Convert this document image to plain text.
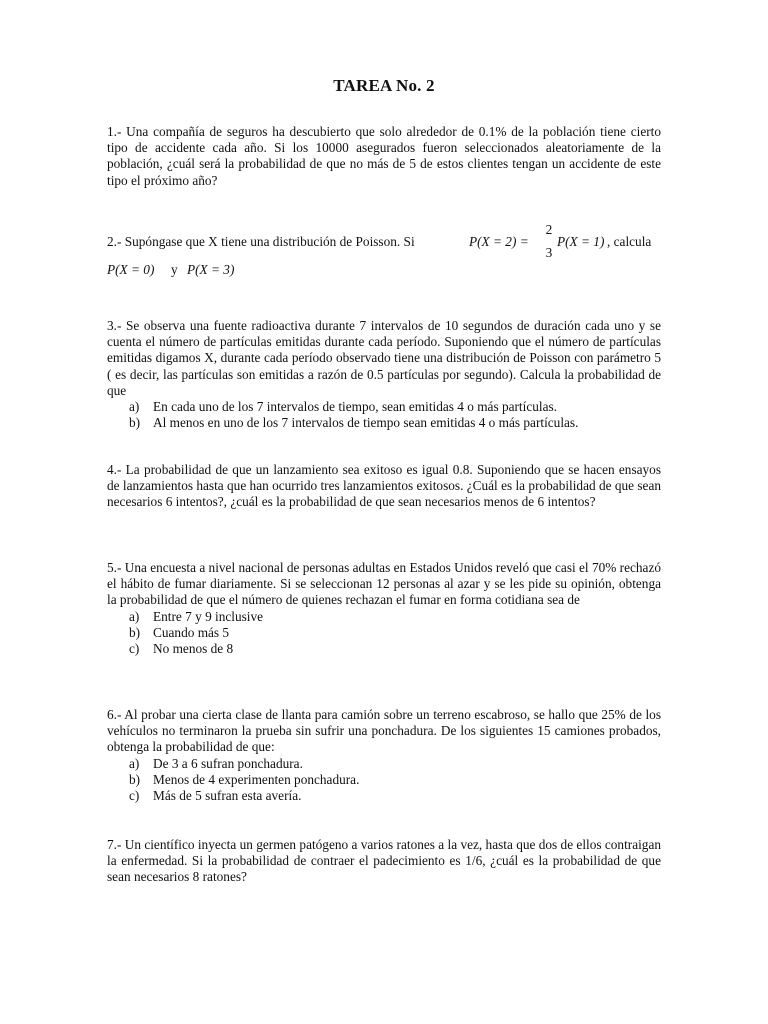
TAREA No. 2

1.- Una compañía de seguros ha descubierto que solo alrededor de 0.1% de la población tiene cierto tipo de accidente cada año. Si los 10000 asegurados fueron seleccionados aleatoriamente de la población, ¿cuál será la probabilidad de que no más de 5 de estos clientes tengan un accidente de este tipo el próximo año?

2.- Supóngase que X tiene una distribución de Poisson. Si	P(X = 2) =
2
3
P(X = 1) , calcula
P(X = 0) y P(X = 3)

3.- Se observa una fuente radioactiva durante 7 intervalos de 10 segundos de duración cada uno y se cuenta el número de partículas emitidas durante cada período. Suponiendo que el número de partículas emitidas digamos X, durante cada período observado tiene una distribución de Poisson con parámetro 5 ( es decir, las partículas son emitidas a razón de 0.5 partículas por segundo). Calcula la probabilidad de que

a) En cada uno de los 7 intervalos de tiempo, sean emitidas 4 o más partículas.
b) Al menos en uno de los 7 intervalos de tiempo sean emitidas 4 o más partículas.

4.- La probabilidad de que un lanzamiento sea exitoso es igual 0.8. Suponiendo que se hacen ensayos de lanzamientos hasta que han ocurrido tres lanzamientos exitosos. ¿Cuál es la probabilidad de que sean necesarios 6 intentos?, ¿cuál es la probabilidad de que sean necesarios menos de 6 intentos?

5.- Una encuesta a nivel nacional de personas adultas en Estados Unidos reveló que casi el 70% rechazó el hábito de fumar diariamente. Si se seleccionan 12 personas al azar y se les pide su opinión, obtenga la probabilidad de que el número de quienes rechazan el fumar en forma cotidiana sea de

a) Entre 7 y 9 inclusive
b) Cuando más 5
c) No menos de 8

6.- Al probar una cierta clase de llanta para camión sobre un terreno escabroso, se hallo que 25% de los vehículos no terminaron la prueba sin sufrir una ponchadura. De los siguientes 15 camiones probados, obtenga la probabilidad de que:

a) De 3 a 6 sufran ponchadura.
b) Menos de 4 experimenten ponchadura.
c) Más de 5 sufran esta avería.

7.- Un científico inyecta un germen patógeno a varios ratones a la vez, hasta que dos de ellos contraigan la enfermedad. Si la probabilidad de contraer el padecimiento es 1/6, ¿cuál es la probabilidad de que sean necesarios 8 ratones?
